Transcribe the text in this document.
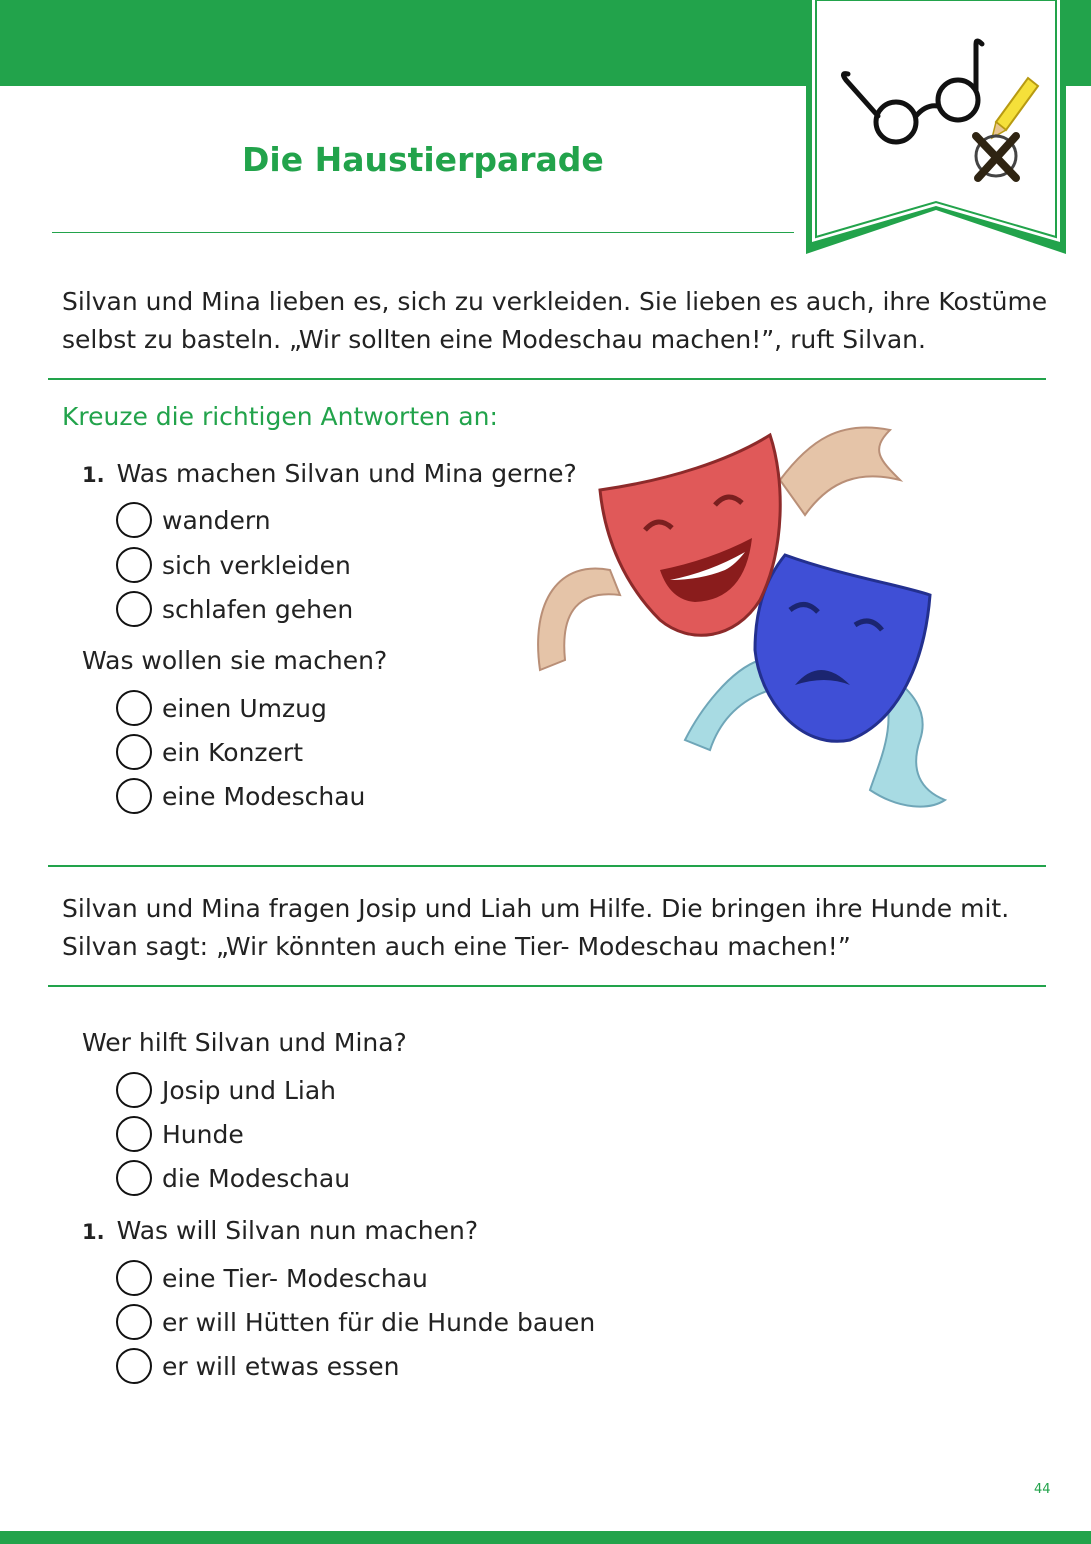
Die Haustierparade

Silvan und Mina lieben es, sich zu verkleiden. Sie lieben es auch, ihre Kostüme
selbst zu basteln. „Wir sollten eine Modeschau machen!”, ruft Silvan.

Kreuze die richtigen Antworten an:

1. Was machen Silvan und Mina gerne?

wandern
sich verkleiden
schlafen gehen

Was wollen sie machen?

einen Umzug
ein Konzert
eine Modeschau

Silvan und Mina fragen Josip und Liah um Hilfe. Die bringen ihre Hunde mit.
Silvan sagt: „Wir könnten auch eine Tier- Modeschau machen!”

Wer hilft Silvan und Mina?

Josip und Liah
Hunde
die Modeschau

1. Was will Silvan nun machen?

eine Tier- Modeschau
er will Hütten für die Hunde bauen
er will etwas essen
44
